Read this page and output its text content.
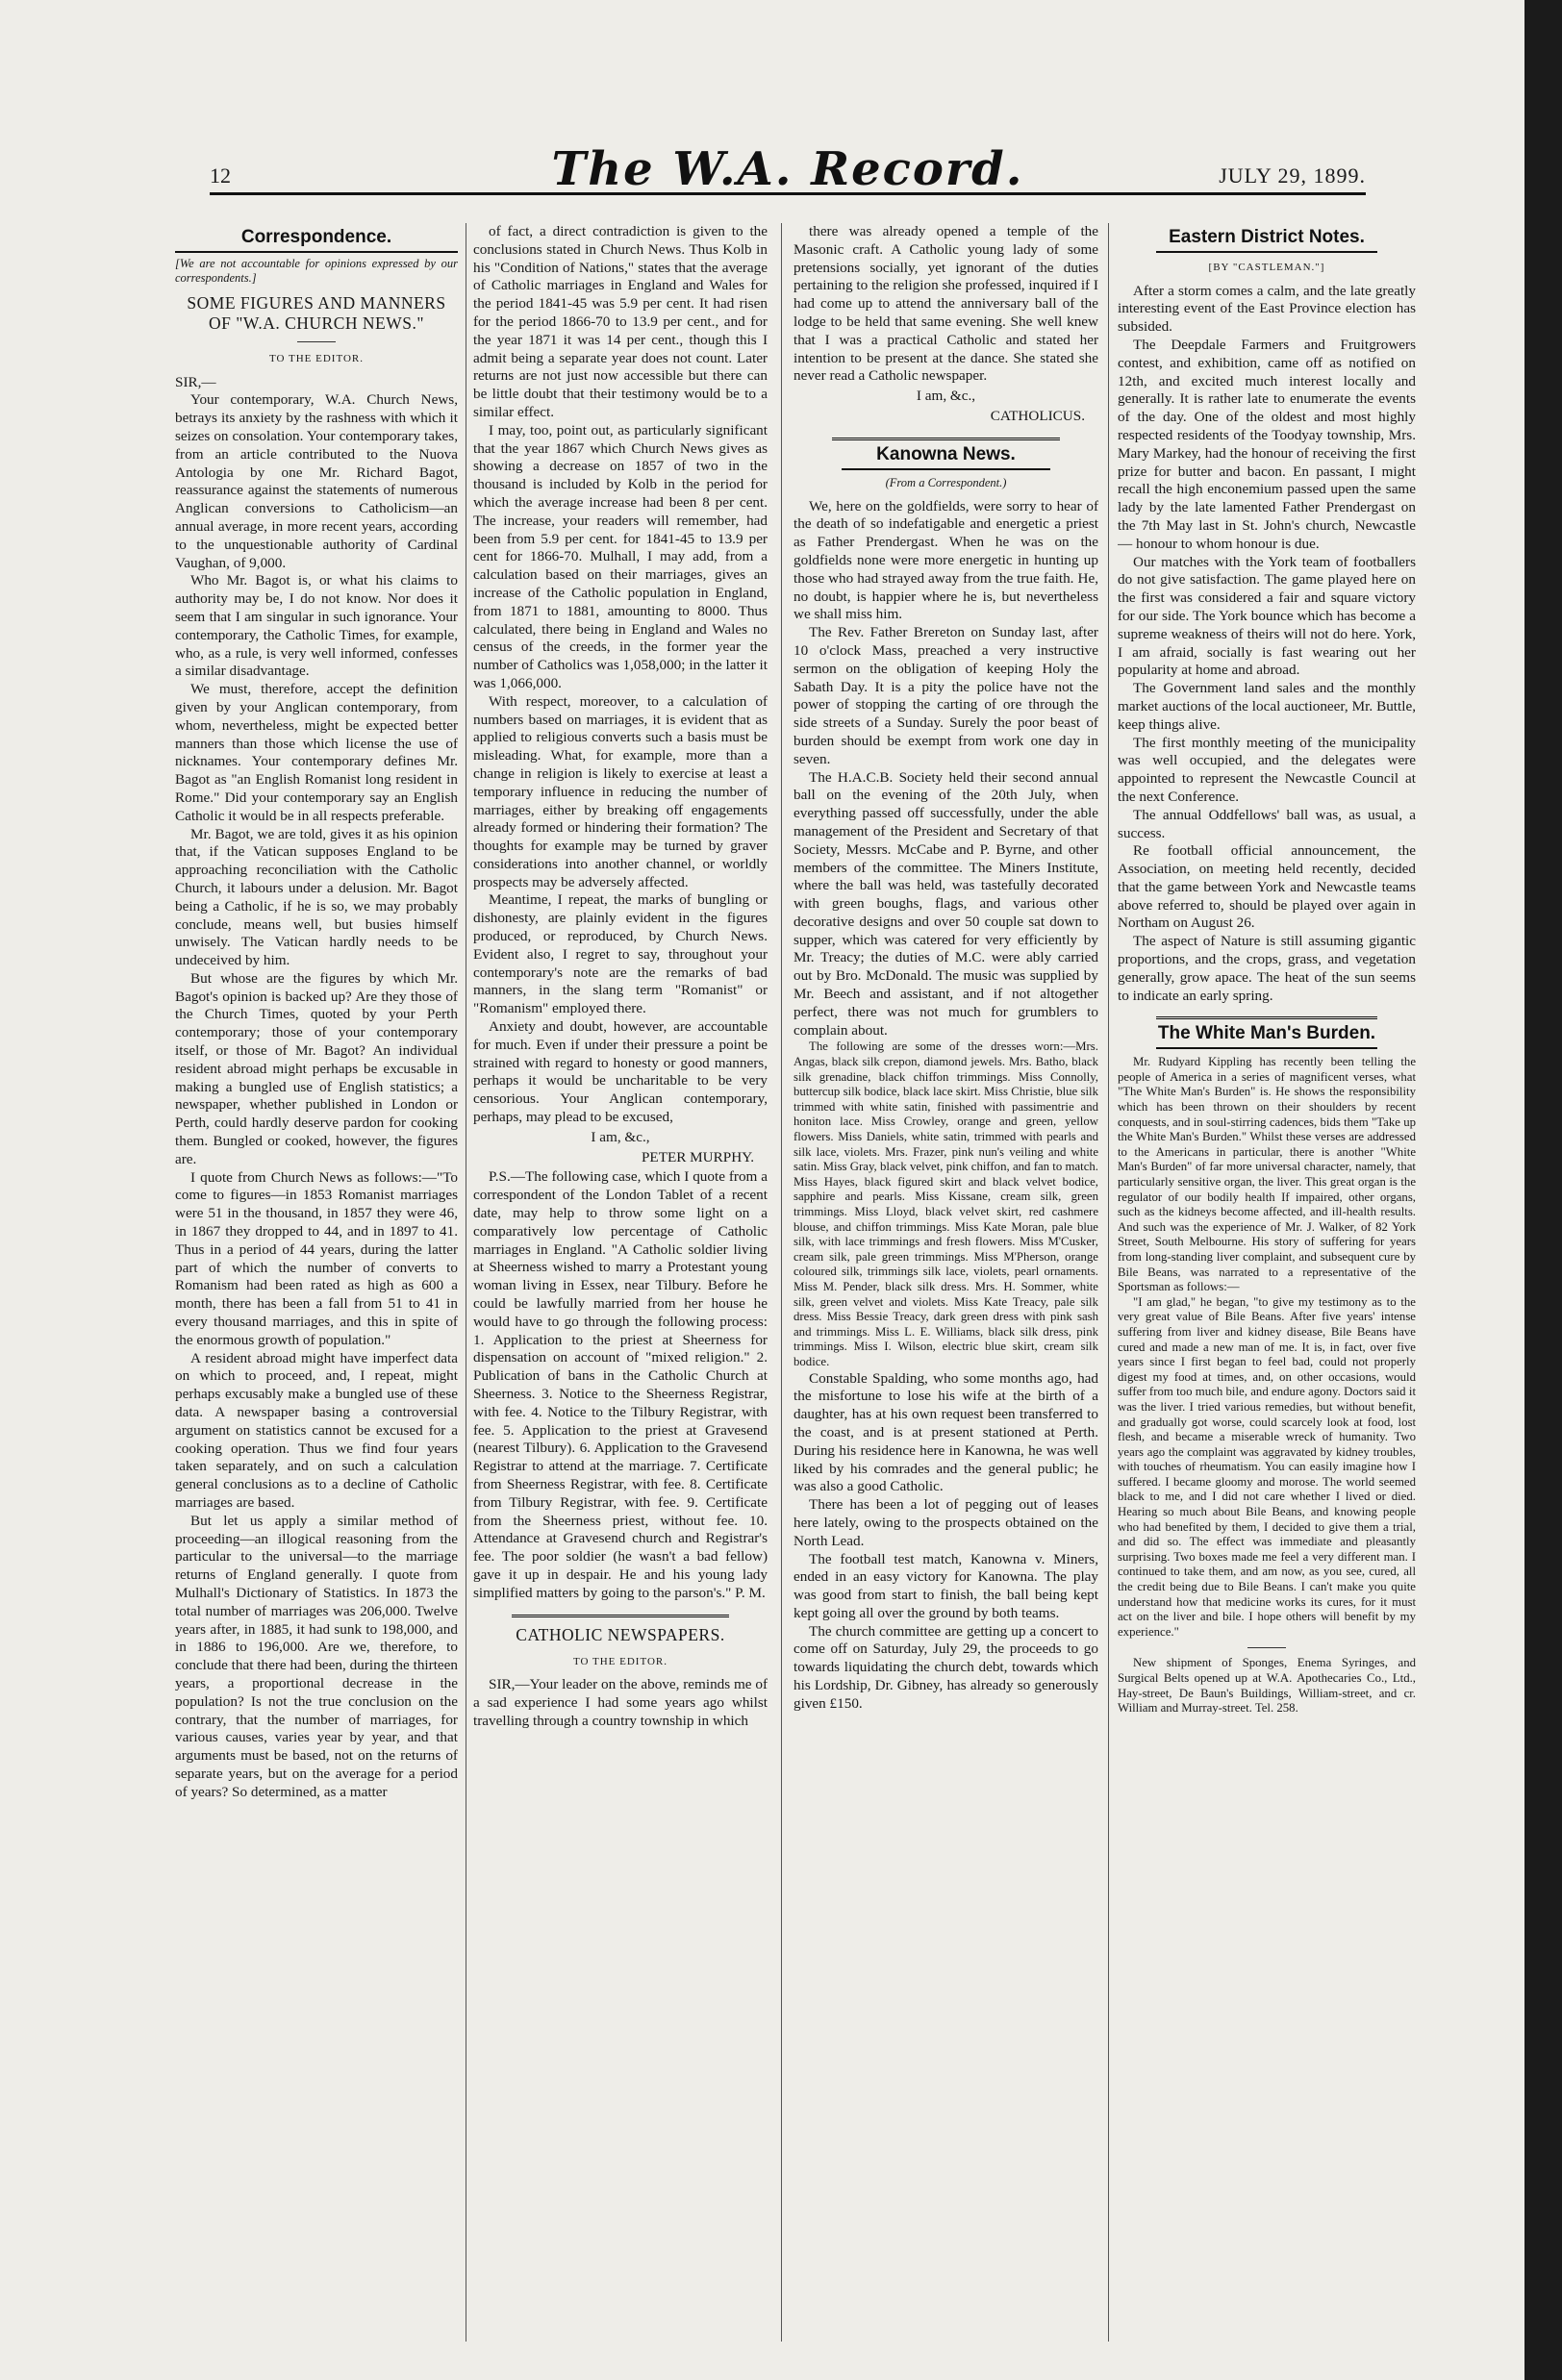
12	The W.A. Record.	JULY 29, 1899.
Correspondence.
[We are not accountable for opinions expressed by our correspondents.]
SOME FIGURES AND MANNERS OF "W.A. CHURCH NEWS."
TO THE EDITOR.
SIR,—

Your contemporary, W.A. Church News, betrays its anxiety by the rashness with which it seizes on consolation. Your contemporary takes, from an article contributed to the Nuova Antologia by one Mr. Richard Bagot, reassurance against the statements of numerous Anglican conversions to Catholicism—an annual average, in more recent years, according to the unquestionable authority of Cardinal Vaughan, of 9,000.

Who Mr. Bagot is, or what his claims to authority may be, I do not know. Nor does it seem that I am singular in such ignorance. Your contemporary, the Catholic Times, for example, who, as a rule, is very well informed, confesses a similar disadvantage.

We must, therefore, accept the definition given by your Anglican contemporary, from whom, nevertheless, might be expected better manners than those which license the use of nicknames. Your contemporary defines Mr. Bagot as "an English Romanist long resident in Rome." Did your contemporary say an English Catholic it would be in all respects preferable.

Mr. Bagot, we are told, gives it as his opinion that, if the Vatican supposes England to be approaching reconciliation with the Catholic Church, it labours under a delusion. Mr. Bagot being a Catholic, if he is so, we may probably conclude, means well, but busies himself unwisely. The Vatican hardly needs to be undeceived by him.

But whose are the figures by which Mr. Bagot's opinion is backed up? Are they those of the Church Times, quoted by your Perth contemporary; those of your contemporary itself, or those of Mr. Bagot? An individual resident abroad might perhaps be excusable in making a bungled use of English statistics; a newspaper, whether published in London or Perth, could hardly deserve pardon for cooking them. Bungled or cooked, however, the figures are.

I quote from Church News as follows:—"To come to figures—in 1853 Romanist marriages were 51 in the thousand, in 1857 they were 46, in 1867 they dropped to 44, and in 1897 to 41. Thus in a period of 44 years, during the latter part of which the number of converts to Romanism had been rated as high as 600 a month, there has been a fall from 51 to 41 in every thousand marriages, and this in spite of the enormous growth of population."

A resident abroad might have imperfect data on which to proceed, and, I repeat, might perhaps excusably make a bungled use of these data. A newspaper basing a controversial argument on statistics cannot be excused for a cooking operation. Thus we find four years taken separately, and on such a calculation general conclusions as to a decline of Catholic marriages are based.

But let us apply a similar method of proceeding—an illogical reasoning from the particular to the universal—to the marriage returns of England generally. I quote from Mulhall's Dictionary of Statistics. In 1873 the total number of marriages was 206,000. Twelve years after, in 1885, it had sunk to 198,000, and in 1886 to 196,000. Are we, therefore, to conclude that there had been, during the thirteen years, a proportional decrease in the population? Is not the true conclusion on the contrary, that the number of marriages, for various causes, varies year by year, and that arguments must be based, not on the returns of separate years, but on the average for a period of years? So determined, as a matter

of fact, a direct contradiction is given to the conclusions stated in Church News. Thus Kolb in his "Condition of Nations," states that the average of Catholic marriages in England and Wales for the period 1841-45 was 5.9 per cent. It had risen for the period 1866-70 to 13.9 per cent., and for the year 1871 it was 14 per cent., though this I admit being a separate year does not count. Later returns are not just now accessible but there can be little doubt that their testimony would be to a similar effect.

I may, too, point out, as particularly significant that the year 1867 which Church News gives as showing a decrease on 1857 of two in the thousand is included by Kolb in the period for which the average increase had been 8 per cent. The increase, your readers will remember, had been from 5.9 per cent. for 1841-45 to 13.9 per cent for 1866-70. Mulhall, I may add, from a calculation based on their marriages, gives an increase of the Catholic population in England, from 1871 to 1881, amounting to 8000. Thus calculated, there being in England and Wales no census of the creeds, in the former year the number of Catholics was 1,058,000; in the latter it was 1,066,000.

With respect, moreover, to a calculation of numbers based on marriages, it is evident that as applied to religious converts such a basis must be misleading. What, for example, more than a change in religion is likely to exercise at least a temporary influence in reducing the number of marriages, either by breaking off engagements already formed or hindering their formation? The thoughts for example may be turned by graver considerations into another channel, or worldly prospects may be adversely affected.

Meantime, I repeat, the marks of bungling or dishonesty, are plainly evident in the figures produced, or reproduced, by Church News. Evident also, I regret to say, throughout your contemporary's note are the remarks of bad manners, in the slang term "Romanist" or "Romanism" employed there.

Anxiety and doubt, however, are accountable for much. Even if under their pressure a point be strained with regard to honesty or good manners, perhaps it would be uncharitable to be very censorious. Your Anglican contemporary, perhaps, may plead to be excused,

I am, &c.,
PETER MURPHY.

P.S.—The following case, which I quote from a correspondent of the London Tablet of a recent date, may help to throw some light on a comparatively low percentage of Catholic marriages in England. "A Catholic soldier living at Sheerness wished to marry a Protestant young woman living in Essex, near Tilbury. Before he could be lawfully married from her house he would have to go through the following process: 1. Application to the priest at Sheerness for dispensation on account of "mixed religion." 2. Publication of bans in the Catholic Church at Sheerness. 3. Notice to the Sheerness Registrar, with fee. 4. Notice to the Tilbury Registrar, with fee. 5. Application to the priest at Gravesend (nearest Tilbury). 6. Application to the Gravesend Registrar to attend at the marriage. 7. Certificate from Sheerness Registrar, with fee. 8. Certificate from Tilbury Registrar, with fee. 9. Certificate from the Sheerness priest, without fee. 10. Attendance at Gravesend church and Registrar's fee. The poor soldier (he wasn't a bad fellow) gave it up in despair. He and his young lady simplified matters by going to the parson's." P. M.

CATHOLIC NEWSPAPERS.
TO THE EDITOR.

SIR,—Your leader on the above, reminds me of a sad experience I had some years ago whilst travelling through a country township in which

there was already opened a temple of the Masonic craft. A Catholic young lady of some pretensions socially, yet ignorant of the duties pertaining to the religion she professed, inquired if I had come up to attend the anniversary ball of the lodge to be held that same evening. She well knew that I was a practical Catholic and stated her intention to be present at the dance. She stated she never read a Catholic newspaper.

I am, &c.,
CATHOLICUS.
Kanowna News.
(From a Correspondent.)

We, here on the goldfields, were sorry to hear of the death of so indefatigable and energetic a priest as Father Prendergast. When he was on the goldfields none were more energetic in hunting up those who had strayed away from the true faith. He, no doubt, is happier where he is, but nevertheless we shall miss him.

The Rev. Father Brereton on Sunday last, after 10 o'clock Mass, preached a very instructive sermon on the obligation of keeping Holy the Sabath Day. It is a pity the police have not the power of stopping the carting of ore through the side streets of a Sunday. Surely the poor beast of burden should be exempt from work one day in seven.

The H.A.C.B. Society held their second annual ball on the evening of the 20th July, when everything passed off successfully, under the able management of the President and Secretary of that Society, Messrs. McCabe and P. Byrne, and other members of the committee. The Miners Institute, where the ball was held, was tastefully decorated with green boughs, flags, and various other decorative designs and over 50 couple sat down to supper, which was catered for very efficiently by Mr. Treacy; the duties of M.C. were ably carried out by Bro. McDonald. The music was supplied by Mr. Beech and assistant, and if not altogether perfect, there was not much for grumblers to complain about.

The following are some of the dresses worn:—Mrs. Angas, black silk crepon, diamond jewels. Mrs. Batho, black silk grenadine, black chiffon trimmings. Miss Connolly, buttercup silk bodice, black lace skirt. Miss Christie, blue silk trimmed with white satin, finished with passimentrie and honiton lace. Miss Crowley, orange and green, yellow flowers. Miss Daniels, white satin, trimmed with pearls and silk lace, violets. Mrs. Frazer, pink nun's veiling and white satin. Miss Gray, black velvet, pink chiffon, and fan to match. Miss Hayes, black figured skirt and black velvet bodice, sapphire and pearls. Miss Kissane, cream silk, green trimmings. Miss Lloyd, black velvet skirt, red cashmere blouse, and chiffon trimmings. Miss Kate Moran, pale blue silk, with lace trimmings and fresh flowers. Miss M'Cusker, cream silk, pale green trimmings. Miss M'Pherson, orange coloured silk, trimmings silk lace, violets, pearl ornaments. Miss M. Pender, black silk dress. Mrs. H. Sommer, white silk, green velvet and violets. Miss Kate Treacy, pale silk dress. Miss Bessie Treacy, dark green dress with pink sash and trimmings. Miss L. E. Williams, black silk dress, pink trimmings. Miss I. Wilson, electric blue skirt, cream silk bodice.

Constable Spalding, who some months ago, had the misfortune to lose his wife at the birth of a daughter, has at his own request been transferred to the coast, and is at present stationed at Perth. During his residence here in Kanowna, he was well liked by his comrades and the general public; he was also a good Catholic.

There has been a lot of pegging out of leases here lately, owing to the prospects obtained on the North Lead.

The football test match, Kanowna v. Miners, ended in an easy victory for Kanowna. The play was good from start to finish, the ball being kept kept going all over the ground by both teams.

The church committee are getting up a concert to come off on Saturday, July 29, the proceeds to go towards liquidating the church debt, towards which his Lordship, Dr. Gibney, has already so generously given £150.

Eastern District Notes.
[BY "CASTLEMAN."]

After a storm comes a calm, and the late greatly interesting event of the East Province election has subsided.

The Deepdale Farmers and Fruitgrowers contest, and exhibition, came off as notified on 12th, and excited much interest locally and generally. It is rather late to enumerate the events of the day. One of the oldest and most highly respected residents of the Toodyay township, Mrs. Mary Markey, had the honour of receiving the first prize for butter and bacon. En passant, I might recall the high enconemium passed upen the same lady by the late lamented Father Prendergast on the 7th May last in St. John's church, Newcastle — honour to whom honour is due.

Our matches with the York team of footballers do not give satisfaction. The game played here on the first was considered a fair and square victory for our side. The York bounce which has become a supreme weakness of theirs will not do here. York, I am afraid, socially is fast wearing out her popularity at home and abroad.

The Government land sales and the monthly market auctions of the local auctioneer, Mr. Buttle, keep things alive.

The first monthly meeting of the municipality was well occupied, and the delegates were appointed to represent the Newcastle Council at the next Conference.

The annual Oddfellows' ball was, as usual, a success.

Re football official announcement, the Association, on meeting held recently, decided that the game between York and Newcastle teams above referred to, should be played over again in Northam on August 26.

The aspect of Nature is still assuming gigantic proportions, and the crops, grass, and vegetation generally, grow apace. The heat of the sun seems to indicate an early spring.

The White Man's Burden.

Mr. Rudyard Kippling has recently been telling the people of America in a series of magnificent verses, what "The White Man's Burden" is. He shows the responsibility which has been thrown on their shoulders by recent conquests, and in soul-stirring cadences, bids them "Take up the White Man's Burden." Whilst these verses are addressed to the Americans in particular, there is another "White Man's Burden" of far more universal character, namely, that particularly sensitive organ, the liver. This great organ is the regulator of our bodily health If impaired, other organs, such as the kidneys become affected, and ill-health results. And such was the experience of Mr. J. Walker, of 82 York Street, South Melbourne. His story of suffering for years from long-standing liver complaint, and subsequent cure by Bile Beans, was narrated to a representative of the Sportsman as follows:—

"I am glad," he began, "to give my testimony as to the very great value of Bile Beans. After five years' intense suffering from liver and kidney disease, Bile Beans have cured and made a new man of me. It is, in fact, over five years since I first began to feel bad, could not properly digest my food at times, and, on other occasions, would suffer from too much bile, and endure agony. Doctors said it was the liver. I tried various remedies, but without benefit, and gradually got worse, could scarcely look at food, lost flesh, and became a miserable wreck of humanity. Two years ago the complaint was aggravated by kidney troubles, with touches of rheumatism. You can easily imagine how I suffered. I became gloomy and morose. The world seemed black to me, and I did not care whether I lived or died. Hearing so much about Bile Beans, and knowing people who had benefited by them, I decided to give them a trial, and did so. The effect was immediate and pleasantly surprising. Two boxes made me feel a very different man. I continued to take them, and am now, as you see, cured, all the credit being due to Bile Beans. I can't make you quite understand how that medicine works its cures, for it must act on the liver and bile. I hope others will benefit by my experience."

New shipment of Sponges, Enema Syringes, and Surgical Belts opened up at W.A. Apothecaries Co., Ltd., Hay-street, De Baun's Buildings, William-street, and cr. William and Murray-street. Tel. 258.
